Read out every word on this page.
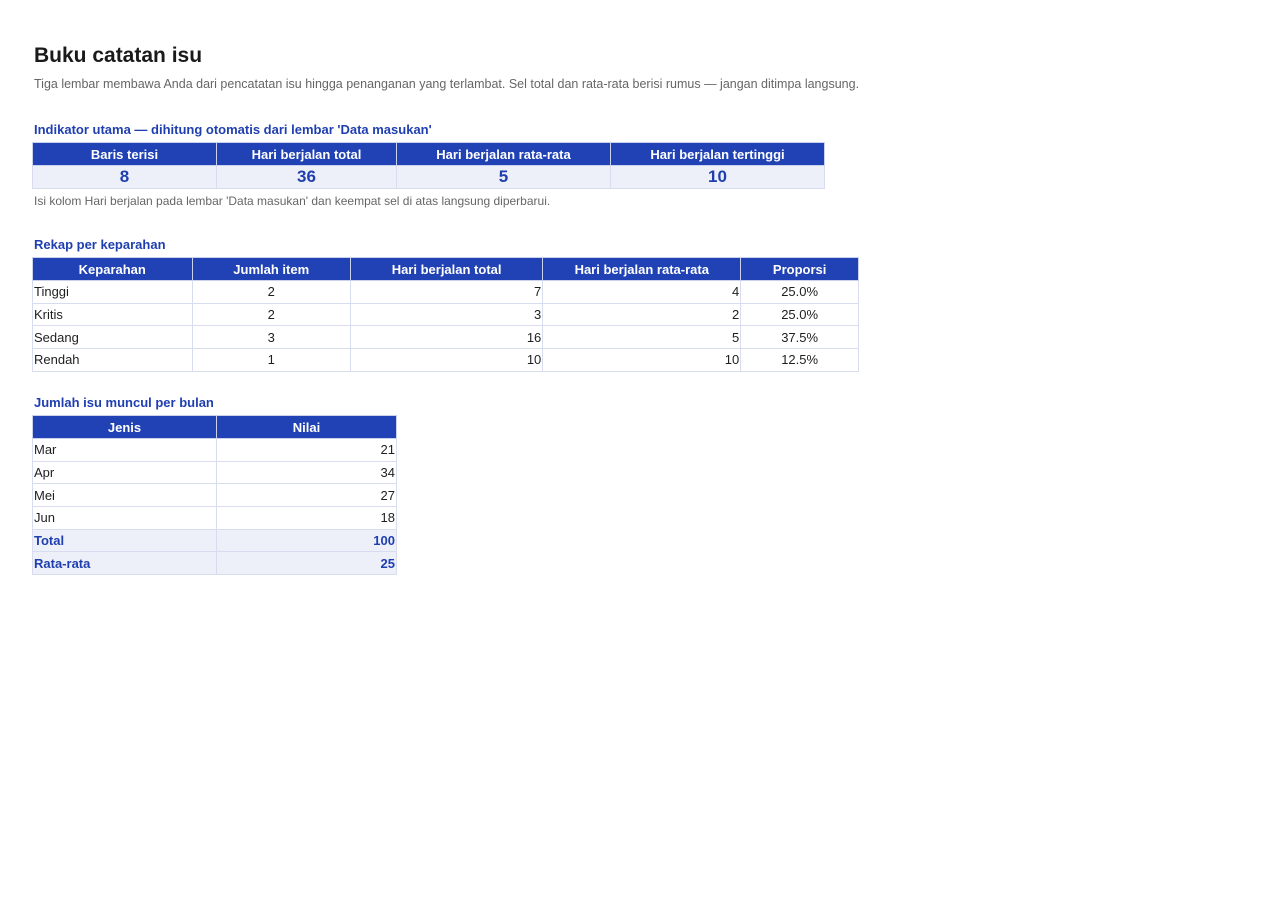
Buku catatan isu
Tiga lembar membawa Anda dari pencatatan isu hingga penanganan yang terlambat. Sel total dan rata-rata berisi rumus — jangan ditimpa langsung.
Indikator utama — dihitung otomatis dari lembar 'Data masukan'
Baris terisi	Hari berjalan total	Hari berjalan rata-rata	Hari berjalan tertinggi
8	36	5	10
Isi kolom Hari berjalan pada lembar 'Data masukan' dan keempat sel di atas langsung diperbarui.
Rekap per keparahan
Keparahan	Jumlah item	Hari berjalan total	Hari berjalan rata-rata	Proporsi
Tinggi	2	7	4	25.0%
Kritis	2	3	2	25.0%
Sedang	3	16	5	37.5%
Rendah	1	10	10	12.5%
Jumlah isu muncul per bulan
Jenis	Nilai
Mar	21
Apr	34
Mei	27
Jun	18
Total	100
Rata-rata	25
